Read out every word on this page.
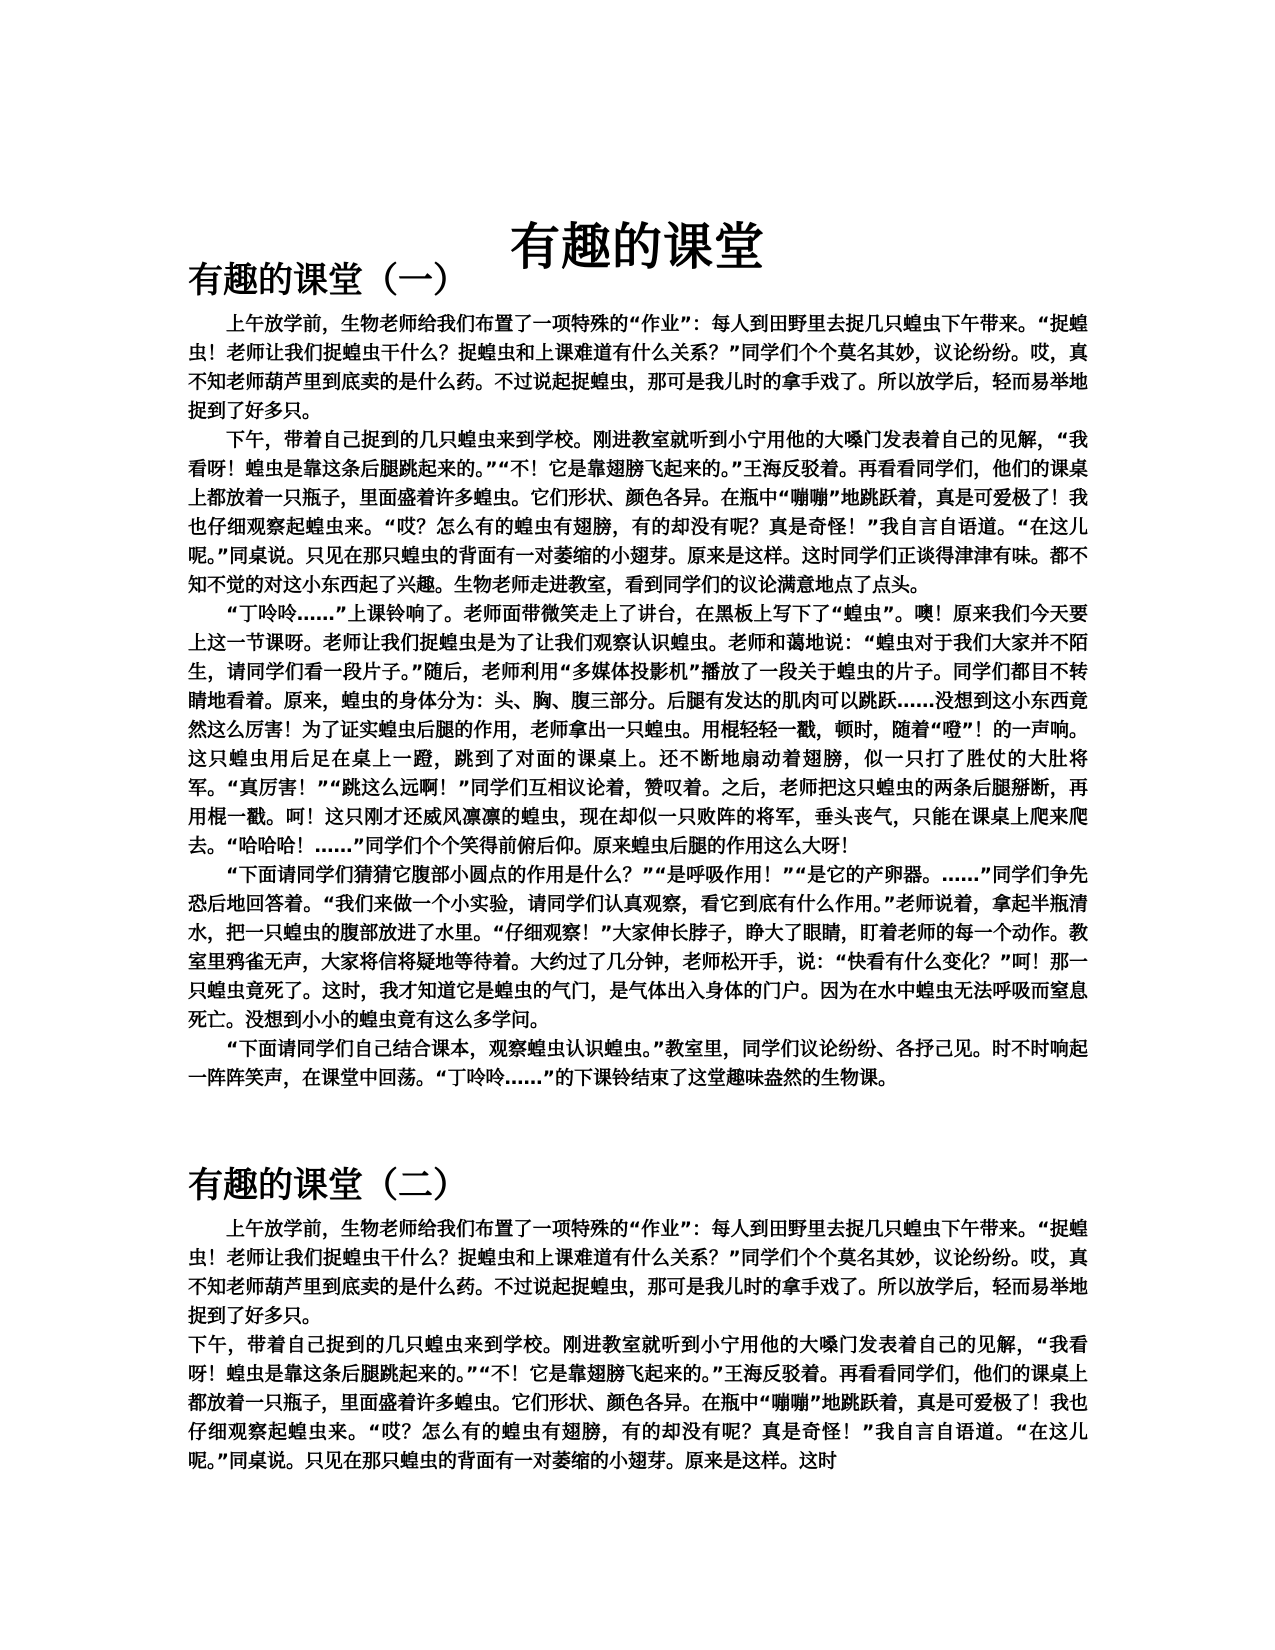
有趣的课堂
有趣的课堂（一）

上午放学前，生物老师给我们布置了一项特殊的“作业”：每人到田野里去捉几只蝗虫下午带来。“捉蝗虫！老师让我们捉蝗虫干什么？捉蝗虫和上课难道有什么关系？”同学们个个莫名其妙，议论纷纷。哎，真不知老师葫芦里到底卖的是什么药。不过说起捉蝗虫，那可是我儿时的拿手戏了。所以放学后，轻而易举地捉到了好多只。

下午，带着自己捉到的几只蝗虫来到学校。刚进教室就听到小宁用他的大嗓门发表着自己的见解，“我看呀！蝗虫是靠这条后腿跳起来的。”“不！它是靠翅膀飞起来的。”王海反驳着。再看看同学们，他们的课桌上都放着一只瓶子，里面盛着许多蝗虫。它们形状、颜色各异。在瓶中“嘣嘣”地跳跃着，真是可爱极了！我也仔细观察起蝗虫来。“哎？怎么有的蝗虫有翅膀，有的却没有呢？真是奇怪！”我自言自语道。“在这儿呢。”同桌说。只见在那只蝗虫的背面有一对萎缩的小翅芽。原来是这样。这时同学们正谈得津津有味。都不知不觉的对这小东西起了兴趣。生物老师走进教室，看到同学们的议论满意地点了点头。

“丁呤呤……”上课铃响了。老师面带微笑走上了讲台，在黑板上写下了“蝗虫”。噢！原来我们今天要上这一节课呀。老师让我们捉蝗虫是为了让我们观察认识蝗虫。老师和蔼地说：“蝗虫对于我们大家并不陌生，请同学们看一段片子。”随后，老师利用“多媒体投影机”播放了一段关于蝗虫的片子。同学们都目不转睛地看着。原来，蝗虫的身体分为：头、胸、腹三部分。后腿有发达的肌肉可以跳跃……没想到这小东西竟然这么厉害！为了证实蝗虫后腿的作用，老师拿出一只蝗虫。用棍轻轻一戳，顿时，随着“噔”！的一声响。这只蝗虫用后足在桌上一蹬，跳到了对面的课桌上。还不断地扇动着翅膀，似一只打了胜仗的大肚将军。“真厉害！”“跳这么远啊！”同学们互相议论着，赞叹着。之后，老师把这只蝗虫的两条后腿掰断，再用棍一戳。呵！这只刚才还威风凛凛的蝗虫，现在却似一只败阵的将军，垂头丧气，只能在课桌上爬来爬去。“哈哈哈！……”同学们个个笑得前俯后仰。原来蝗虫后腿的作用这么大呀！

“下面请同学们猜猜它腹部小圆点的作用是什么？”“是呼吸作用！”“是它的产卵器。……”同学们争先恐后地回答着。“我们来做一个小实验，请同学们认真观察，看它到底有什么作用。”老师说着，拿起半瓶清水，把一只蝗虫的腹部放进了水里。“仔细观察！”大家伸长脖子，睁大了眼睛，盯着老师的每一个动作。教室里鸦雀无声，大家将信将疑地等待着。大约过了几分钟，老师松开手，说：“快看有什么变化？”呵！那一只蝗虫竟死了。这时，我才知道它是蝗虫的气门，是气体出入身体的门户。因为在水中蝗虫无法呼吸而窒息死亡。没想到小小的蝗虫竟有这么多学问。

“下面请同学们自己结合课本，观察蝗虫认识蝗虫。”教室里，同学们议论纷纷、各抒己见。时不时响起一阵阵笑声，在课堂中回荡。“丁呤呤……”的下课铃结束了这堂趣味盎然的生物课。

有趣的课堂（二）

上午放学前，生物老师给我们布置了一项特殊的“作业”：每人到田野里去捉几只蝗虫下午带来。“捉蝗虫！老师让我们捉蝗虫干什么？捉蝗虫和上课难道有什么关系？”同学们个个莫名其妙，议论纷纷。哎，真不知老师葫芦里到底卖的是什么药。不过说起捉蝗虫，那可是我儿时的拿手戏了。所以放学后，轻而易举地捉到了好多只。

下午，带着自己捉到的几只蝗虫来到学校。刚进教室就听到小宁用他的大嗓门发表着自己的见解，“我看呀！蝗虫是靠这条后腿跳起来的。”“不！它是靠翅膀飞起来的。”王海反驳着。再看看同学们，他们的课桌上都放着一只瓶子，里面盛着许多蝗虫。它们形状、颜色各异。在瓶中“嘣嘣”地跳跃着，真是可爱极了！我也仔细观察起蝗虫来。“哎？怎么有的蝗虫有翅膀，有的却没有呢？真是奇怪！”我自言自语道。“在这儿呢。”同桌说。只见在那只蝗虫的背面有一对萎缩的小翅芽。原来是这样。这时
